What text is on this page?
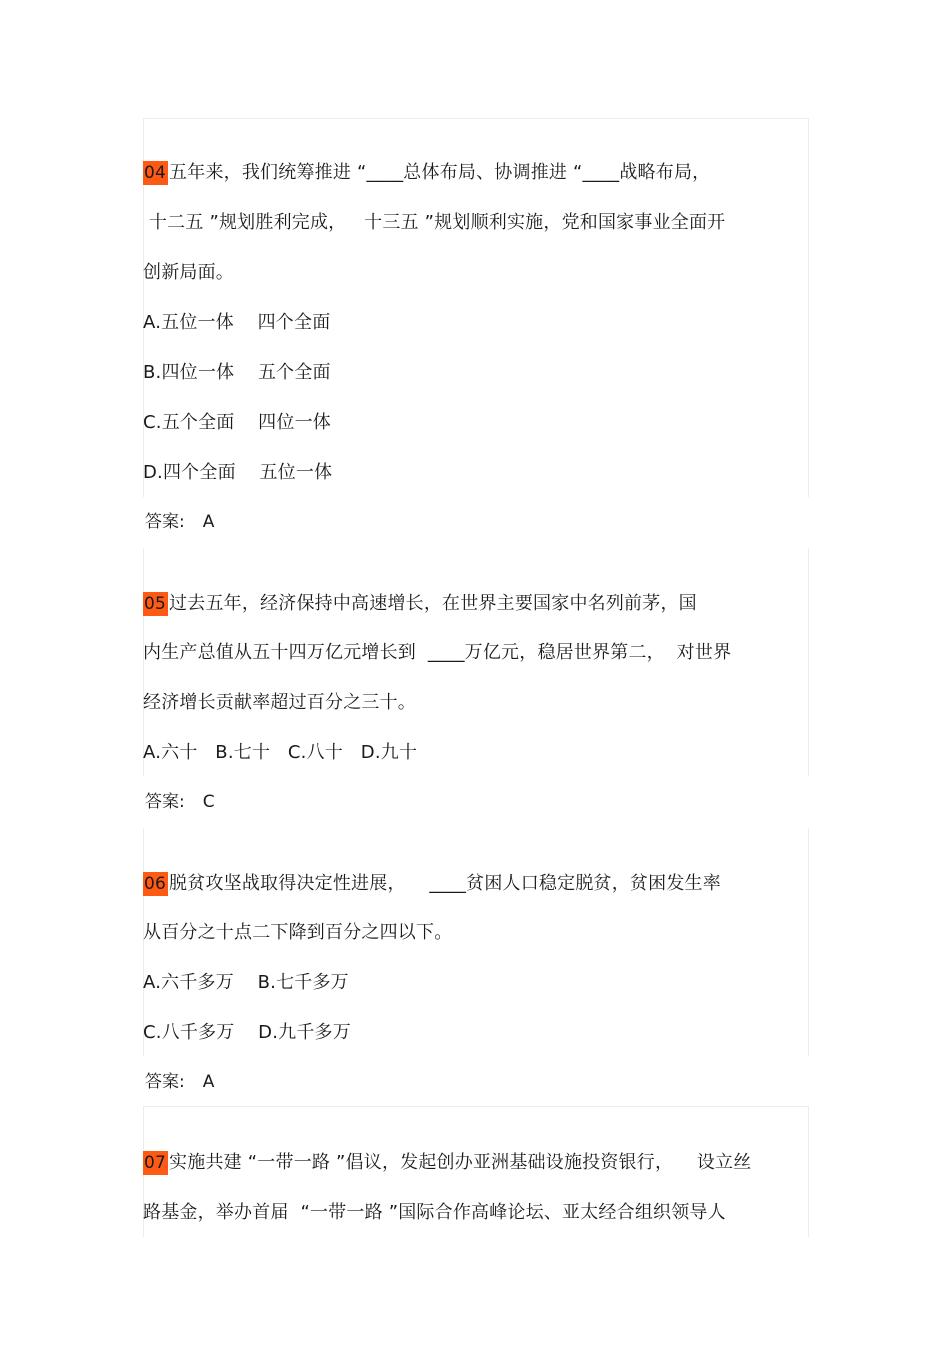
04 五年来，我们统筹推进 “____总体布局、协调推进 “____战略布局，
十二五 ”规划胜利完成，   十三五 ”规划顺利实施，党和国家事业全面开
创新局面。
A.五位一体    四个全面
B.四位一体    五个全面
C.五个全面    四位一体
D.四个全面    五位一体
答案: A
05 过去五年，经济保持中高速增长，在世界主要国家中名列前茅，国
内生产总值从五十四万亿元增长到  ____万亿元，稳居世界第二，  对世界
经济增长贡献率超过百分之三十。
A.六十   B.七十   C.八十   D.九十
答案: C
06 脱贫攻坚战取得决定性进展，    ____贫困人口稳定脱贫，贫困发生率
从百分之十点二下降到百分之四以下。
A.六千多万    B.七千多万
C.八千多万    D.九千多万
答案: A
07 实施共建 “一带一路 ”倡议，发起创办亚洲基础设施投资银行，    设立丝
路基金，举办首届  “一带一路 ”国际合作高峰论坛、亚太经合组织领导人
